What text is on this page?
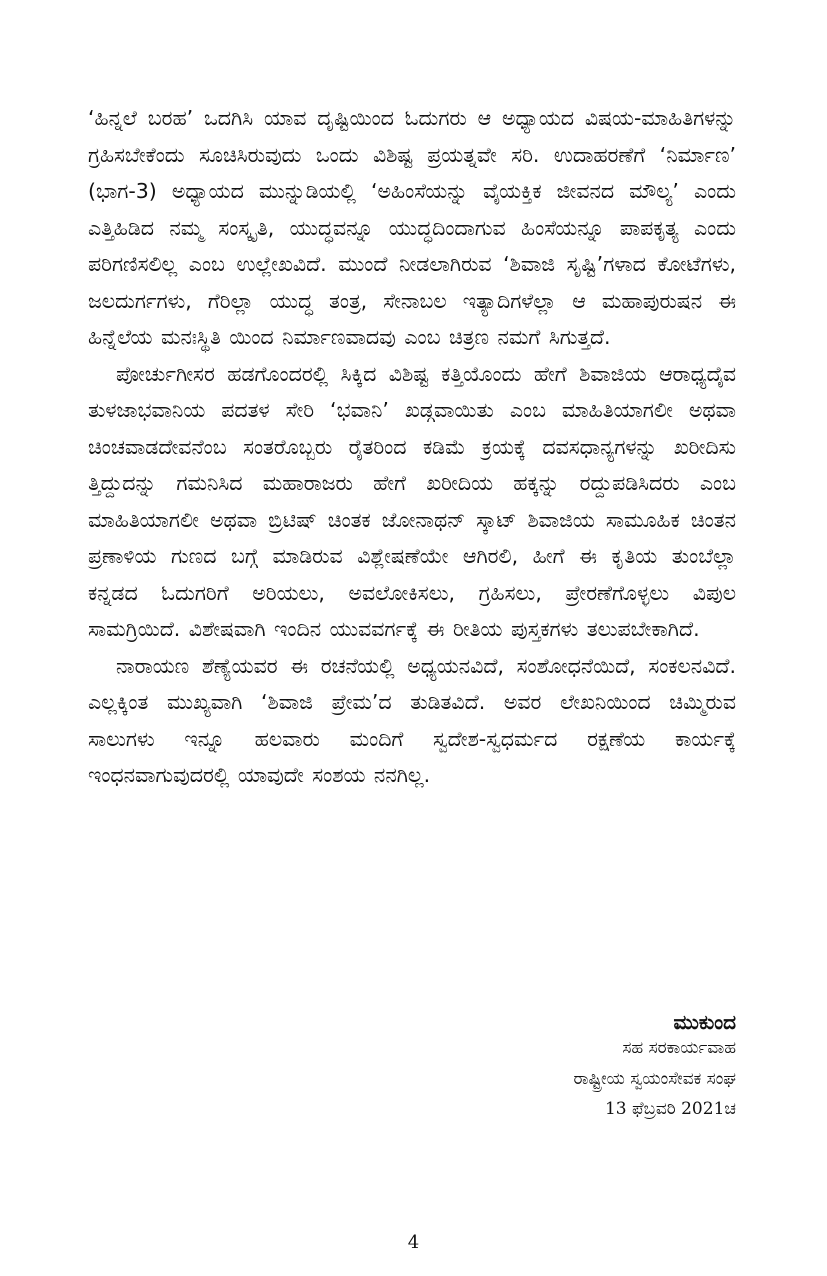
‘ಹಿನ್ನಲೆ ಬರಹ’ ಒದಗಿಸಿ ಯಾವ ದೃಷ್ಟಿಯಿಂದ ಓದುಗರು ಆ ಅಧ್ಯಾಯದ ವಿಷಯ-ಮಾಹಿತಿಗಳನ್ನು ಗ್ರಹಿಸಬೇಕೆಂದು ಸೂಚಿಸಿರುವುದು ಒಂದು ವಿಶಿಷ್ಟ ಪ್ರಯತ್ನವೇ ಸರಿ. ಉದಾಹರಣೆಗೆ ‘ನಿರ್ಮಾಣ’ (ಭಾಗ-3) ಅಧ್ಯಾಯದ ಮುನ್ನುಡಿಯಲ್ಲಿ ‘ಅಹಿಂಸೆಯನ್ನು ವೈಯಕ್ತಿಕ ಜೀವನದ ಮೌಲ್ಯ’ ಎಂದು ಎತ್ತಿಹಿಡಿದ ನಮ್ಮ ಸಂಸ್ಕೃತಿ, ಯುದ್ಧವನ್ನೂ ಯುದ್ಧದಿಂದಾಗುವ ಹಿಂಸೆಯನ್ನೂ ಪಾಪಕೃತ್ಯ ಎಂದು ಪರಿಗಣಿಸಲಿಲ್ಲ ಎಂಬ ಉಲ್ಲೇಖವಿದೆ. ಮುಂದೆ ನೀಡಲಾಗಿರುವ ‘ಶಿವಾಜಿ ಸೃಷ್ಟಿ’ಗಳಾದ ಕೋಟೆಗಳು, ಜಲದುರ್ಗಗಳು, ಗೆರಿಲ್ಲಾ ಯುದ್ಧ ತಂತ್ರ, ಸೇನಾಬಲ ಇತ್ಯಾದಿಗಳೆಲ್ಲಾ ಆ ಮಹಾಪುರುಷನ ಈ ಹಿನ್ನೆಲೆಯ ಮನಃಸ್ಥಿತಿ ಯಿಂದ ನಿರ್ಮಾಣವಾದವು ಎಂಬ ಚಿತ್ರಣ ನಮಗೆ ಸಿಗುತ್ತದೆ.

ಪೋರ್ಚುಗೀಸರ ಹಡಗೊಂದರಲ್ಲಿ ಸಿಕ್ಕಿದ ವಿಶಿಷ್ಟ ಕತ್ತಿಯೊಂದು ಹೇಗೆ ಶಿವಾಜಿಯ ಆರಾಧ್ಯದೈವ ತುಳಜಾಭವಾನಿಯ ಪದತಳ ಸೇರಿ ‘ಭವಾನಿ’ ಖಡ್ಗವಾಯಿತು ಎಂಬ ಮಾಹಿತಿಯಾಗಲೀ ಅಥವಾ ಚಿಂಚವಾಡದೇವನೆಂಬ ಸಂತರೊಬ್ಬರು ರೈತರಿಂದ ಕಡಿಮೆ ಕ್ರಯಕ್ಕೆ ದವಸಧಾನ್ಯಗಳನ್ನು ಖರೀದಿಸು ತ್ತಿದ್ದುದನ್ನು ಗಮನಿಸಿದ ಮಹಾರಾಜರು ಹೇಗೆ ಖರೀದಿಯ ಹಕ್ಕನ್ನು ರದ್ದುಪಡಿಸಿದರು ಎಂಬ ಮಾಹಿತಿಯಾಗಲೀ ಅಥವಾ ಬ್ರಿಟಿಷ್ ಚಿಂತಕ ಜೋನಾಥನ್ ಸ್ಕಾಟ್ ಶಿವಾಜಿಯ ಸಾಮೂಹಿಕ ಚಿಂತನ ಪ್ರಣಾಳಿಯ ಗುಣದ ಬಗ್ಗೆ ಮಾಡಿರುವ ವಿಶ್ಲೇಷಣೆಯೇ ಆಗಿರಲಿ, ಹೀಗೆ ಈ ಕೃತಿಯ ತುಂಬೆಲ್ಲಾ ಕನ್ನಡದ ಓದುಗರಿಗೆ ಅರಿಯಲು, ಅವಲೋಕಿಸಲು, ಗ್ರಹಿಸಲು, ಪ್ರೇರಣೆಗೊಳ್ಳಲು ವಿಪುಲ ಸಾಮಗ್ರಿಯಿದೆ. ವಿಶೇಷವಾಗಿ ಇಂದಿನ ಯುವವರ್ಗಕ್ಕೆ ಈ ರೀತಿಯ ಪುಸ್ತಕಗಳು ತಲುಪಬೇಕಾಗಿದೆ.

ನಾರಾಯಣ ಶೆಣ್ಯೆಯವರ ಈ ರಚನೆಯಲ್ಲಿ ಅಧ್ಯಯನವಿದೆ, ಸಂಶೋಧನೆಯಿದೆ, ಸಂಕಲನವಿದೆ. ಎಲ್ಲಕ್ಕಿಂತ ಮುಖ್ಯವಾಗಿ ‘ಶಿವಾಜಿ ಪ್ರೇಮ’ದ ತುಡಿತವಿದೆ. ಅವರ ಲೇಖನಿಯಿಂದ ಚಿಮ್ಮಿರುವ ಸಾಲುಗಳು ಇನ್ನೂ ಹಲವಾರು ಮಂದಿಗೆ ಸ್ವದೇಶ-ಸ್ವಧರ್ಮದ ರಕ್ಷಣೆಯ ಕಾರ್ಯಕ್ಕೆ ಇಂಧನವಾಗುವುದರಲ್ಲಿ ಯಾವುದೇ ಸಂಶಯ ನನಗಿಲ್ಲ.

ಮುಕುಂದ
ಸಹ ಸರಕಾರ್ಯವಾಹ
ರಾಷ್ಟ್ರೀಯ ಸ್ವಯಂಸೇವಕ ಸಂಘ
13 ಫೆಬ್ರವರಿ 2021ಚ
4
